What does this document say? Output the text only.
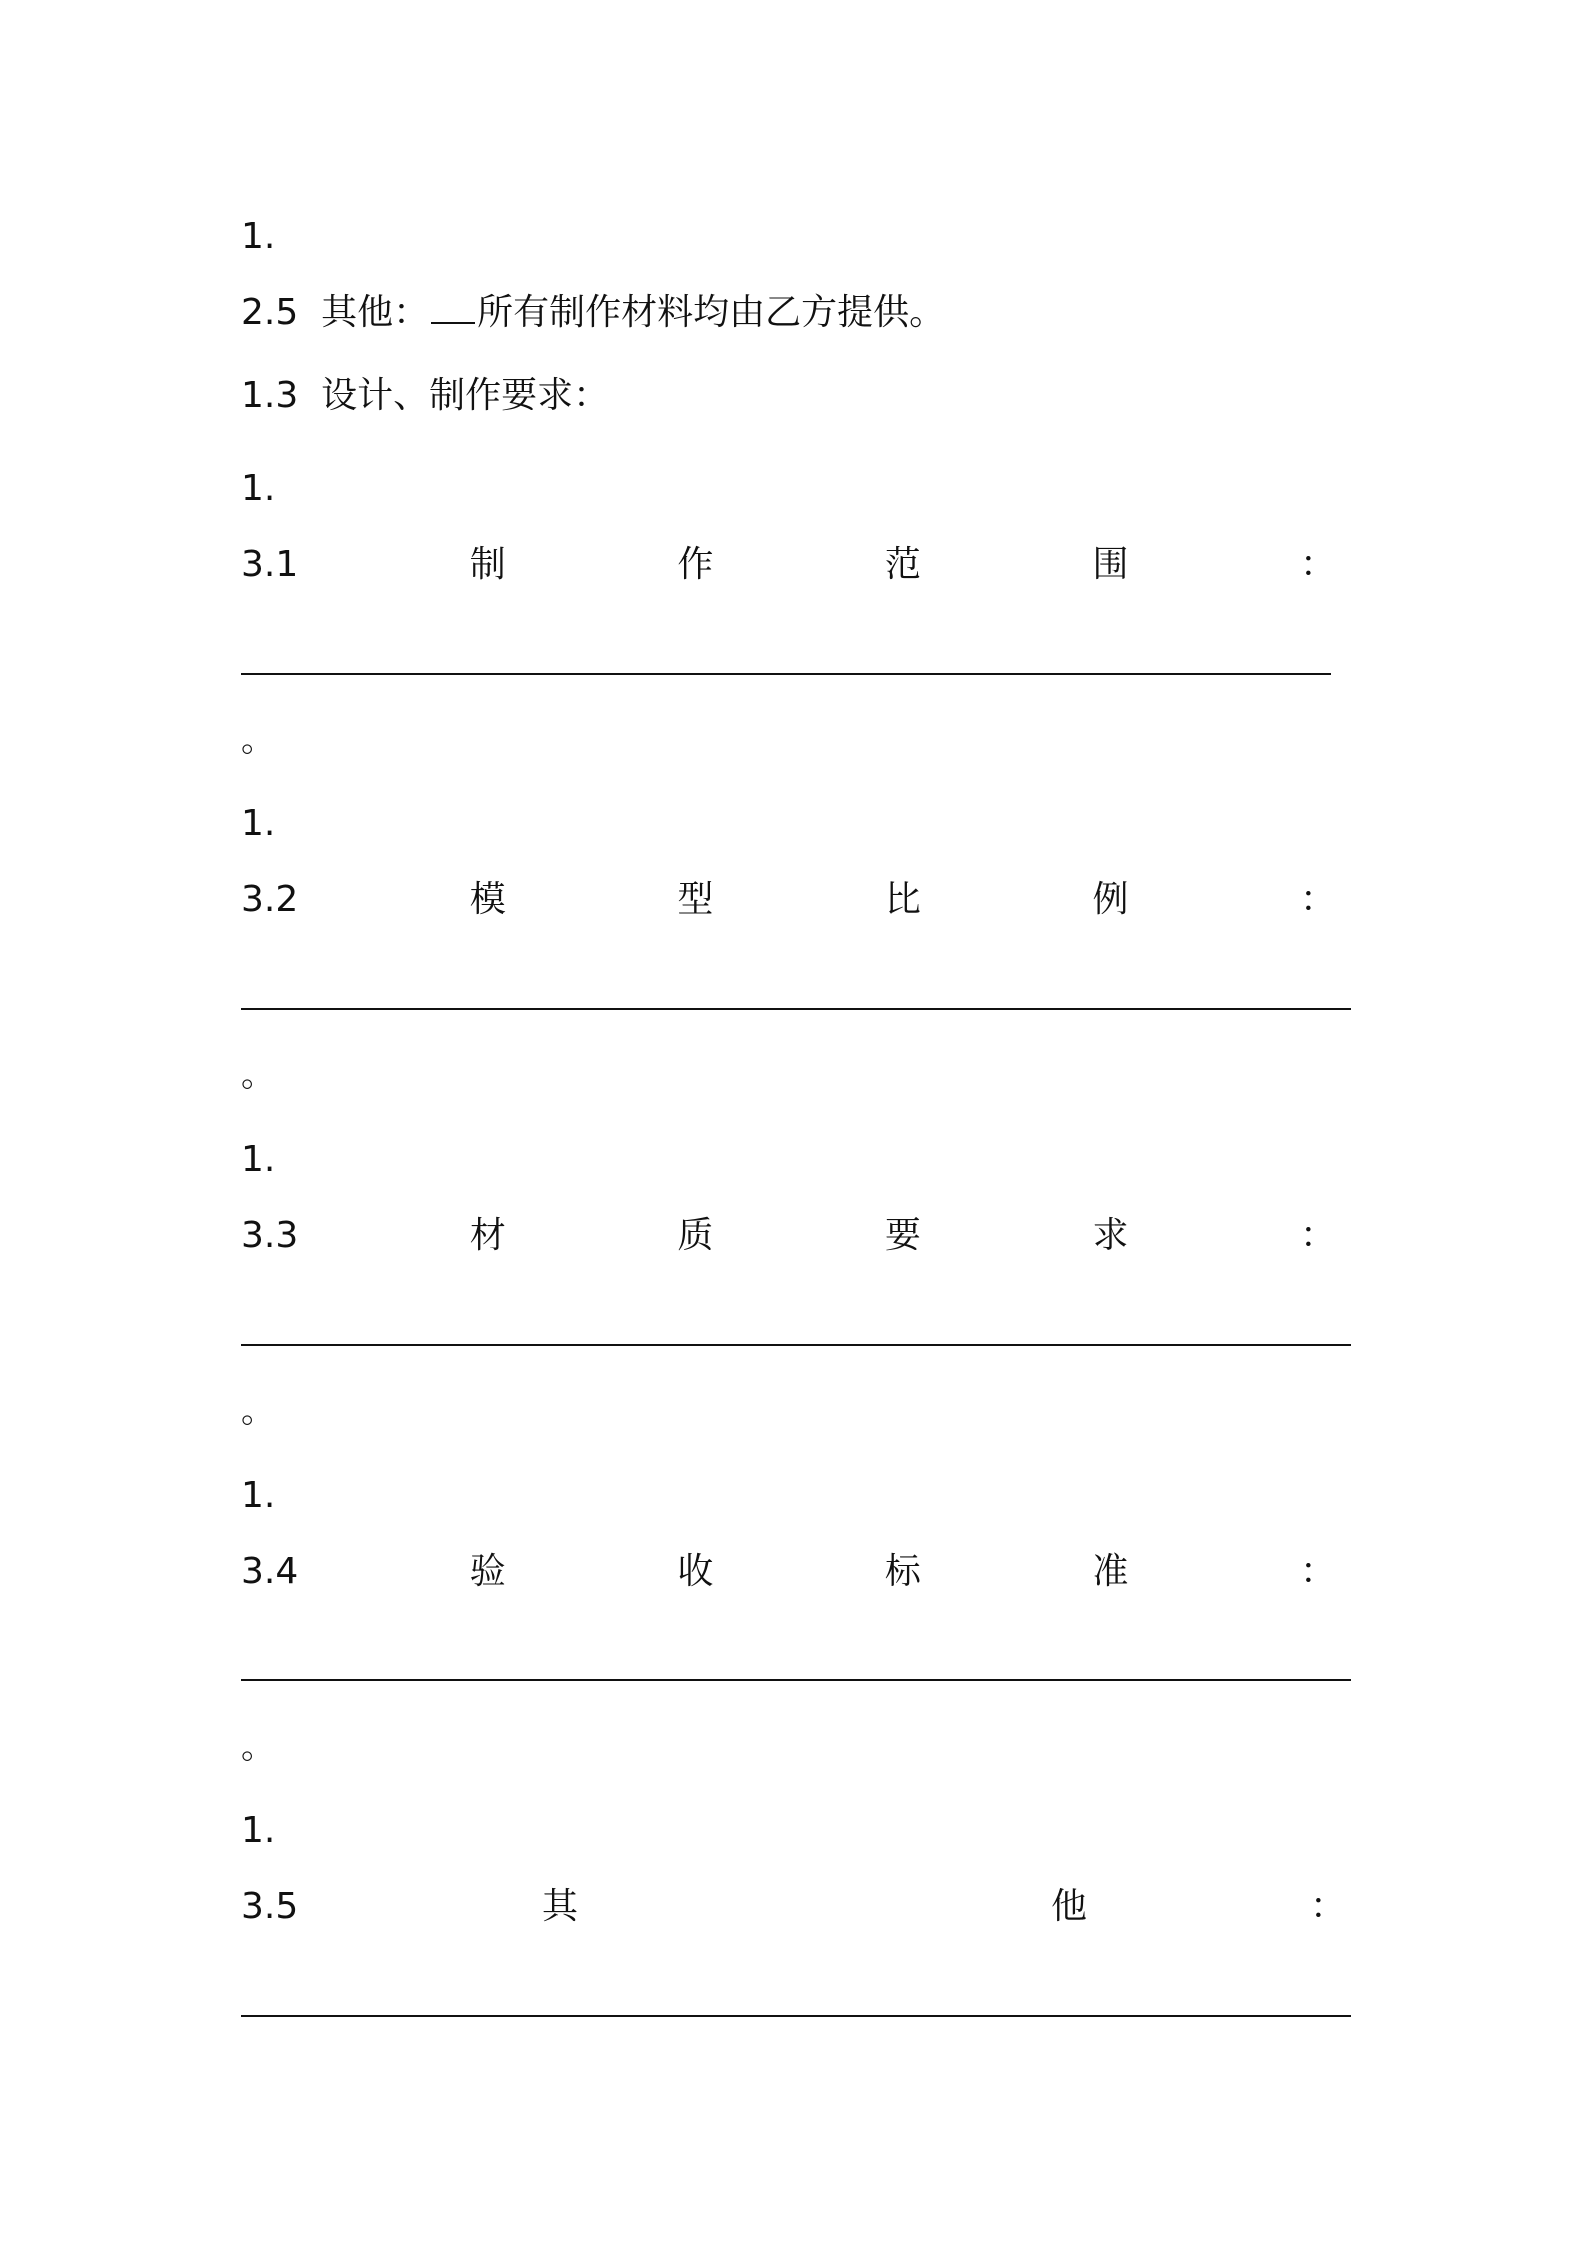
1.
2.5 其他： 所有制作材料均由乙方提供。
1.3 设计、制作要求：
1.
3.1	制	作	范	围	：
。
1.
3.2	模	型	比	例	：
。
1.
3.3	材	质	要	求	：
。
1.
3.4	验	收	标	准	：
。
1.
3.5	其	他	：
